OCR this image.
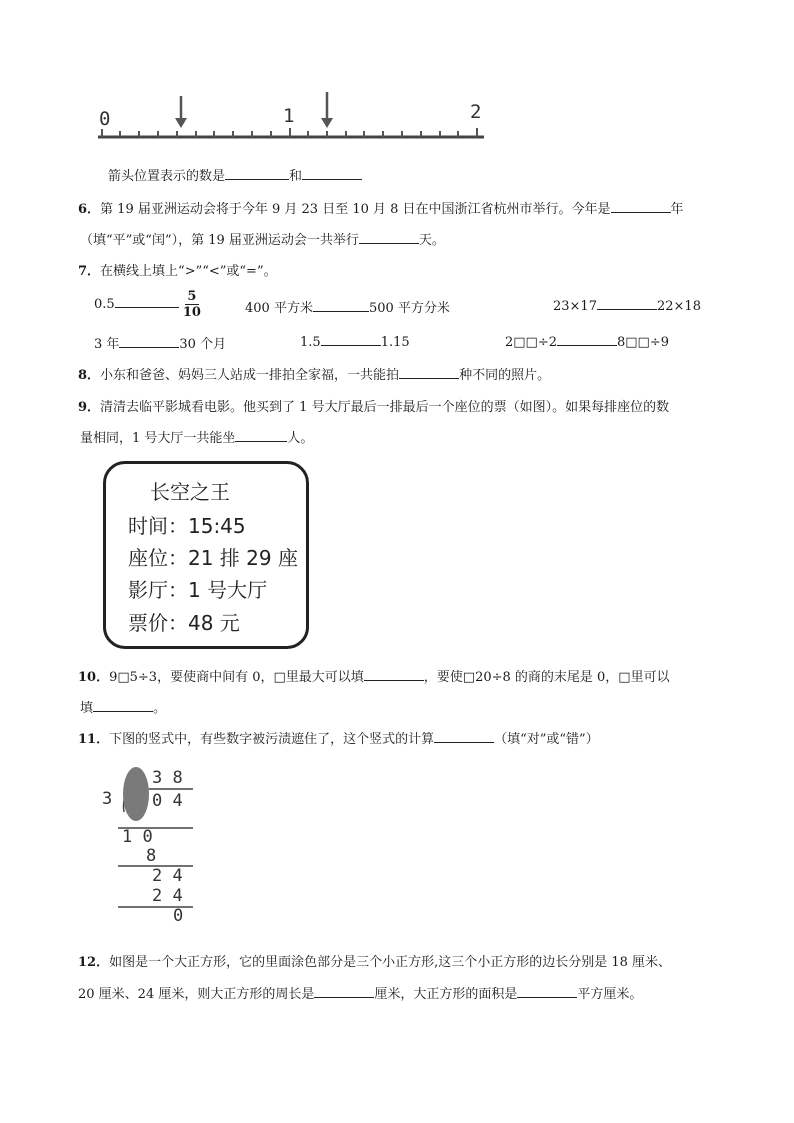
0	1	2
箭头位置表示的数是	和
6．第 19 届亚洲运动会将于今年 9 月 23 日至 10 月 8 日在中国浙江省杭州市举行。今年是	年
（填“平”或“闰”），第 19 届亚洲运动会一共举行	天。
7．在横线上填上“>”“<”或“=”。
0.5	$\frac{5}{10}$	400 平方米	500 平方分米	23×17	22×18
3 年	30 个月	1.5	1.15	2□□÷2	8□□÷9
8．小东和爸爸、妈妈三人站成一排拍全家福，一共能拍	种不同的照片。
9．清清去临平影城看电影。他买到了 1 号大厅最后一排最后一个座位的票（如图）。如果每排座位的数
量相同，1 号大厅一共能坐	人。
长空之王
时间：15:45
座位：21 排 29 座
影厅：1 号大厅
票价：48 元
10．9□5÷3，要使商中间有 0，□里最大可以填	，要使□20÷8 的商的末尾是 0，□里可以
填	。
11．下图的竖式中，有些数字被污渍遮住了，这个竖式的计算	（填“对”或“错”）
3 8
3 0 4
1 0
8
2 4
2 4
0
12．如图是一个大正方形，它的里面涂色部分是三个小正方形,这三个小正方形的边长分别是 18 厘米、
20 厘米、24 厘米，则大正方形的周长是	厘米，大正方形的面积是	平方厘米。
